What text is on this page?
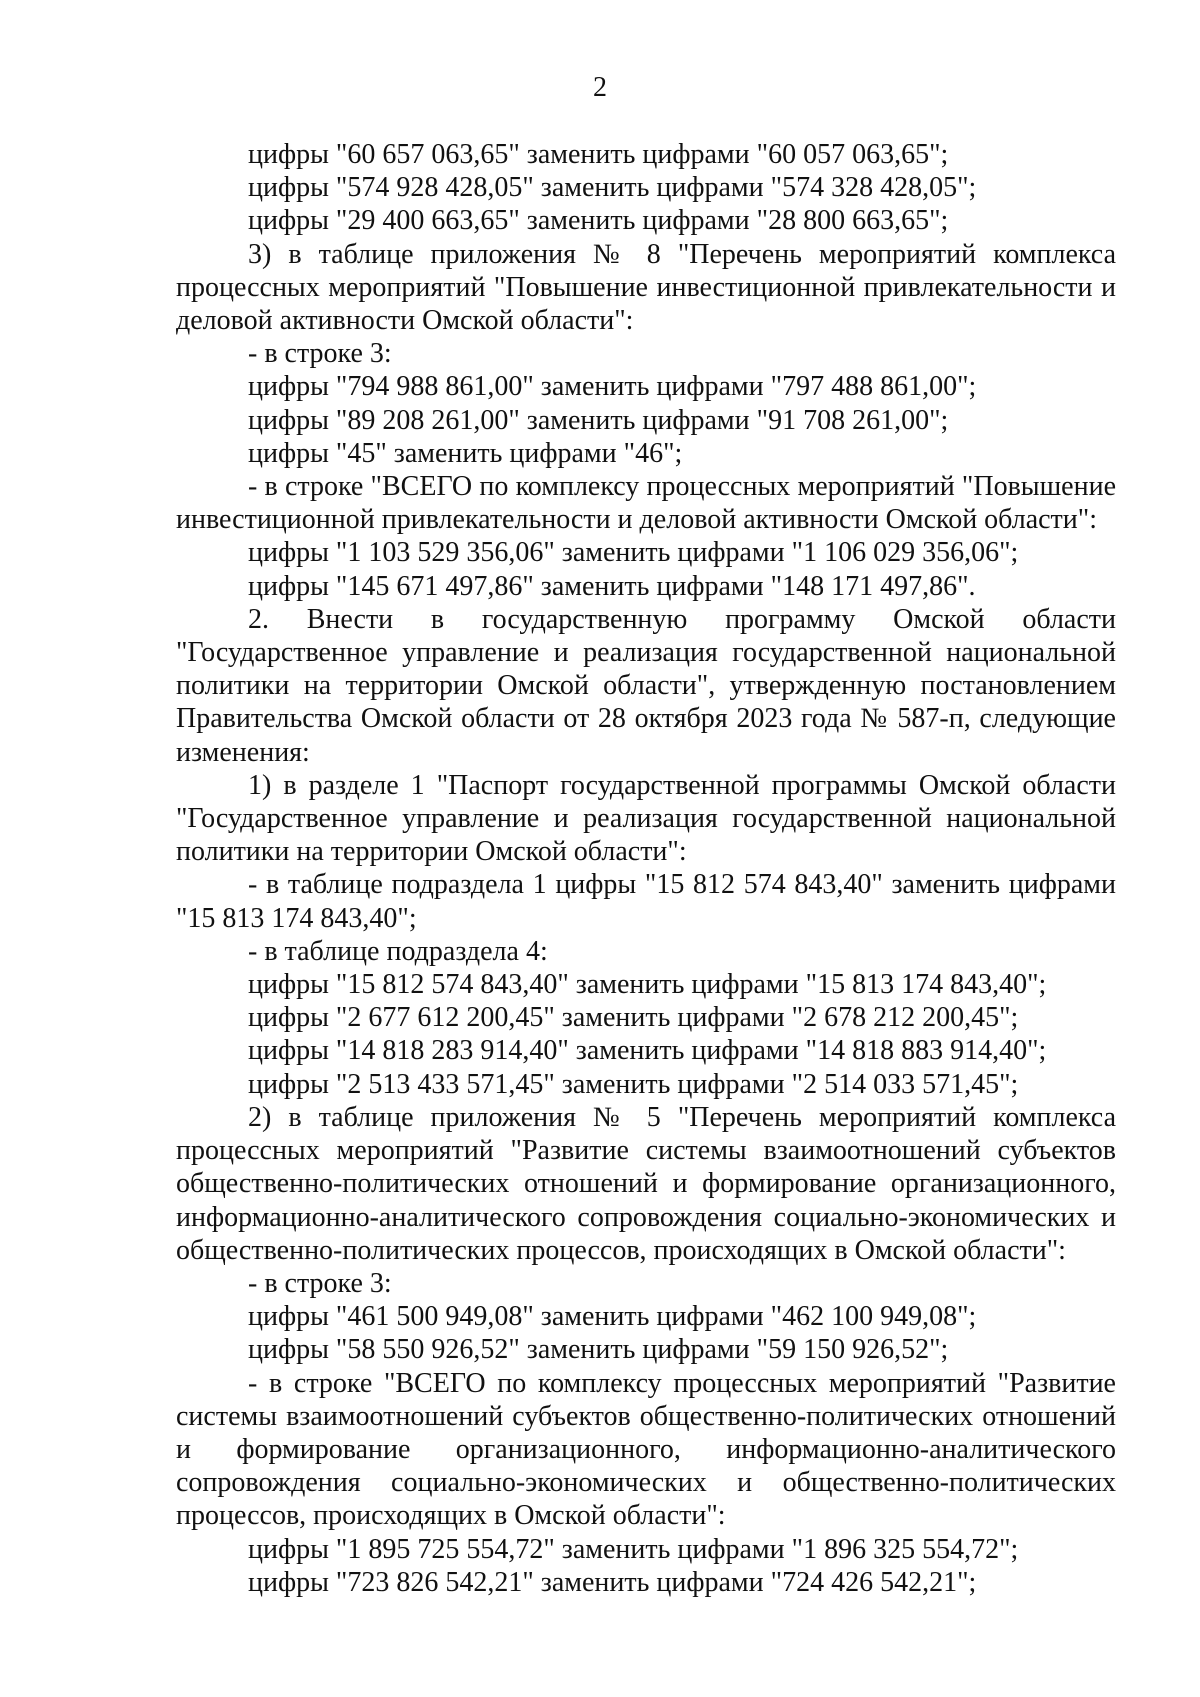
2

цифры "60 657 063,65" заменить цифрами "60 057 063,65";

цифры "574 928 428,05" заменить цифрами "574 328 428,05";

цифры "29 400 663,65" заменить цифрами "28 800 663,65";

3) в таблице приложения № 8 "Перечень мероприятий комплекса процессных мероприятий "Повышение инвестиционной привлекательности и деловой активности Омской области":

- в строке 3:

цифры "794 988 861,00" заменить цифрами "797 488 861,00";

цифры "89 208 261,00" заменить цифрами "91 708 261,00";

цифры "45" заменить цифрами "46";

- в строке "ВСЕГО по комплексу процессных мероприятий "Повышение инвестиционной привлекательности и деловой активности Омской области":

цифры "1 103 529 356,06" заменить цифрами "1 106 029 356,06";

цифры "145 671 497,86" заменить цифрами "148 171 497,86".

2. Внести в государственную программу Омской области "Государственное управление и реализация государственной национальной политики на территории Омской области", утвержденную постановлением Правительства Омской области от 28 октября 2023 года № 587-п, следующие изменения:

1) в разделе 1 "Паспорт государственной программы Омской области "Государственное управление и реализация государственной национальной политики на территории Омской области":

- в таблице подраздела 1 цифры "15 812 574 843,40" заменить цифрами "15 813 174 843,40";

- в таблице подраздела 4:

цифры "15 812 574 843,40" заменить цифрами "15 813 174 843,40";

цифры "2 677 612 200,45" заменить цифрами "2 678 212 200,45";

цифры "14 818 283 914,40" заменить цифрами "14 818 883 914,40";

цифры "2 513 433 571,45" заменить цифрами "2 514 033 571,45";

2) в таблице приложения № 5 "Перечень мероприятий комплекса процессных мероприятий "Развитие системы взаимоотношений субъектов общественно-политических отношений и формирование организационного, информационно-аналитического сопровождения социально-экономических и общественно-политических процессов, происходящих в Омской области":

- в строке 3:

цифры "461 500 949,08" заменить цифрами "462 100 949,08";

цифры "58 550 926,52" заменить цифрами "59 150 926,52";

- в строке "ВСЕГО по комплексу процессных мероприятий "Развитие системы взаимоотношений субъектов общественно-политических отношений и формирование организационного, информационно-аналитического сопровождения социально-экономических и общественно-политических процессов, происходящих в Омской области":

цифры "1 895 725 554,72" заменить цифрами "1 896 325 554,72";

цифры "723 826 542,21" заменить цифрами "724 426 542,21";
